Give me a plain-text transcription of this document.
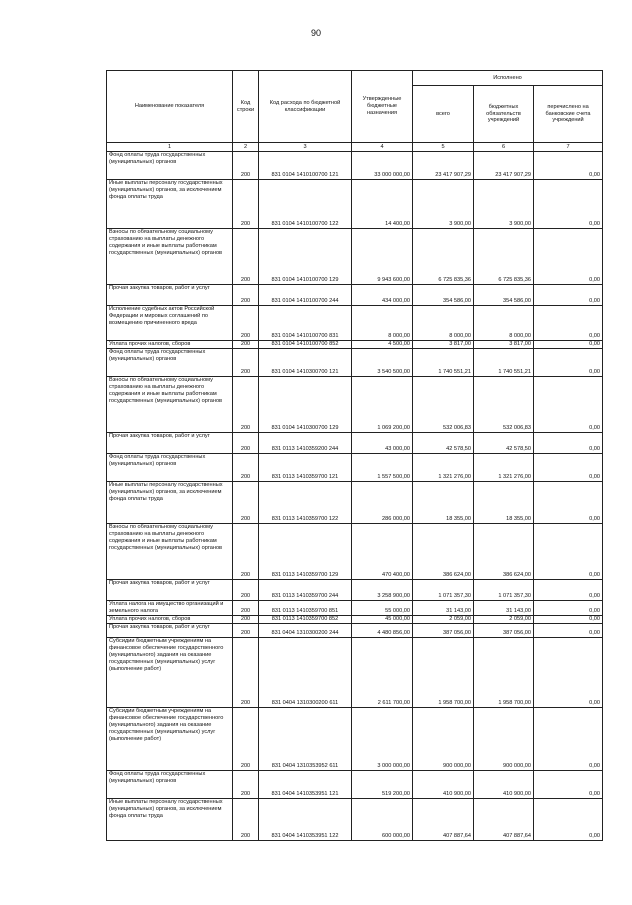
90
Наименование показателя	Код строки	Код расхода по бюджетной классификации	Утвержденные бюджетные назначения	Исполнено		
				всего	бюджетных обязательств учреждений	перечислено на банковские счета учреждений
1	2	3	4	5	6	7
Фонд оплаты труда государственных (муниципальных) органов	200	831 0104 1410100700 121	33 000 000,00	23 417 907,29	23 417 907,29	0,00
Иные выплаты персоналу государственных (муниципальных) органов, за исключением фонда оплаты труда	200	831 0104 1410100700 122	14 400,00	3 900,00	3 900,00	0,00
Взносы по обязательному социальному страхованию на выплаты денежного содержания и иные выплаты работникам государственных (муниципальных) органов	200	831 0104 1410100700 129	9 943 600,00	6 725 835,36	6 725 835,36	0,00
Прочая закупка товаров, работ и услуг	200	831 0104 1410100700 244	434 000,00	354 586,00	354 586,00	0,00
Исполнение судебных актов Российской Федерации и мировых соглашений по возмещению причиненного вреда	200	831 0104 1410100700 831	8 000,00	8 000,00	8 000,00	0,00
Уплата прочих налогов, сборов	200	831 0104 1410100700 852	4 500,00	3 817,00	3 817,00	0,00
Фонд оплаты труда государственных (муниципальных) органов	200	831 0104 1410300700 121	3 540 500,00	1 740 551,21	1 740 551,21	0,00
Взносы по обязательному социальному страхованию на выплаты денежного содержания и иные выплаты работникам государственных (муниципальных) органов	200	831 0104 1410300700 129	1 069 200,00	532 006,83	532 006,83	0,00
Прочая закупка товаров, работ и услуг	200	831 0113 1410359200 244	43 000,00	42 578,50	42 578,50	0,00
Фонд оплаты труда государственных (муниципальных) органов	200	831 0113 1410359700 121	1 557 500,00	1 321 276,00	1 321 276,00	0,00
Иные выплаты персоналу государственных (муниципальных) органов, за исключением фонда оплаты труда	200	831 0113 1410359700 122	286 000,00	18 355,00	18 355,00	0,00
Взносы по обязательному социальному страхованию на выплаты денежного содержания и иные выплаты работникам государственных (муниципальных) органов	200	831 0113 1410359700 129	470 400,00	386 624,00	386 624,00	0,00
Прочая закупка товаров, работ и услуг	200	831 0113 1410359700 244	3 258 900,00	1 071 357,30	1 071 357,30	0,00
Уплата налога на имущество организаций и земельного налога	200	831 0113 1410359700 851	55 000,00	31 143,00	31 143,00	0,00
Уплата прочих налогов, сборов	200	831 0113 1410359700 852	45 000,00	2 059,00	2 059,00	0,00
Прочая закупка товаров, работ и услуг	200	831 0404 1310300200 244	4 480 856,00	387 056,00	387 056,00	0,00
Субсидии бюджетным учреждениям на финансовое обеспечение государственного (муниципального) задания на оказание государственных (муниципальных) услуг (выполнение работ)	200	831 0404 1310300200 611	2 611 700,00	1 958 700,00	1 958 700,00	0,00
Субсидии бюджетным учреждениям на финансовое обеспечение государственного (муниципального) задания на оказание государственных (муниципальных) услуг (выполнение работ)	200	831 0404 1310353952 611	3 000 000,00	900 000,00	900 000,00	0,00
Фонд оплаты труда государственных (муниципальных) органов	200	831 0404 1410353951 121	519 200,00	410 900,00	410 900,00	0,00
Иные выплаты персоналу государственных (муниципальных) органов, за исключением фонда оплаты труда	200	831 0404 1410353951 122	600 000,00	407 887,64	407 887,64	0,00
